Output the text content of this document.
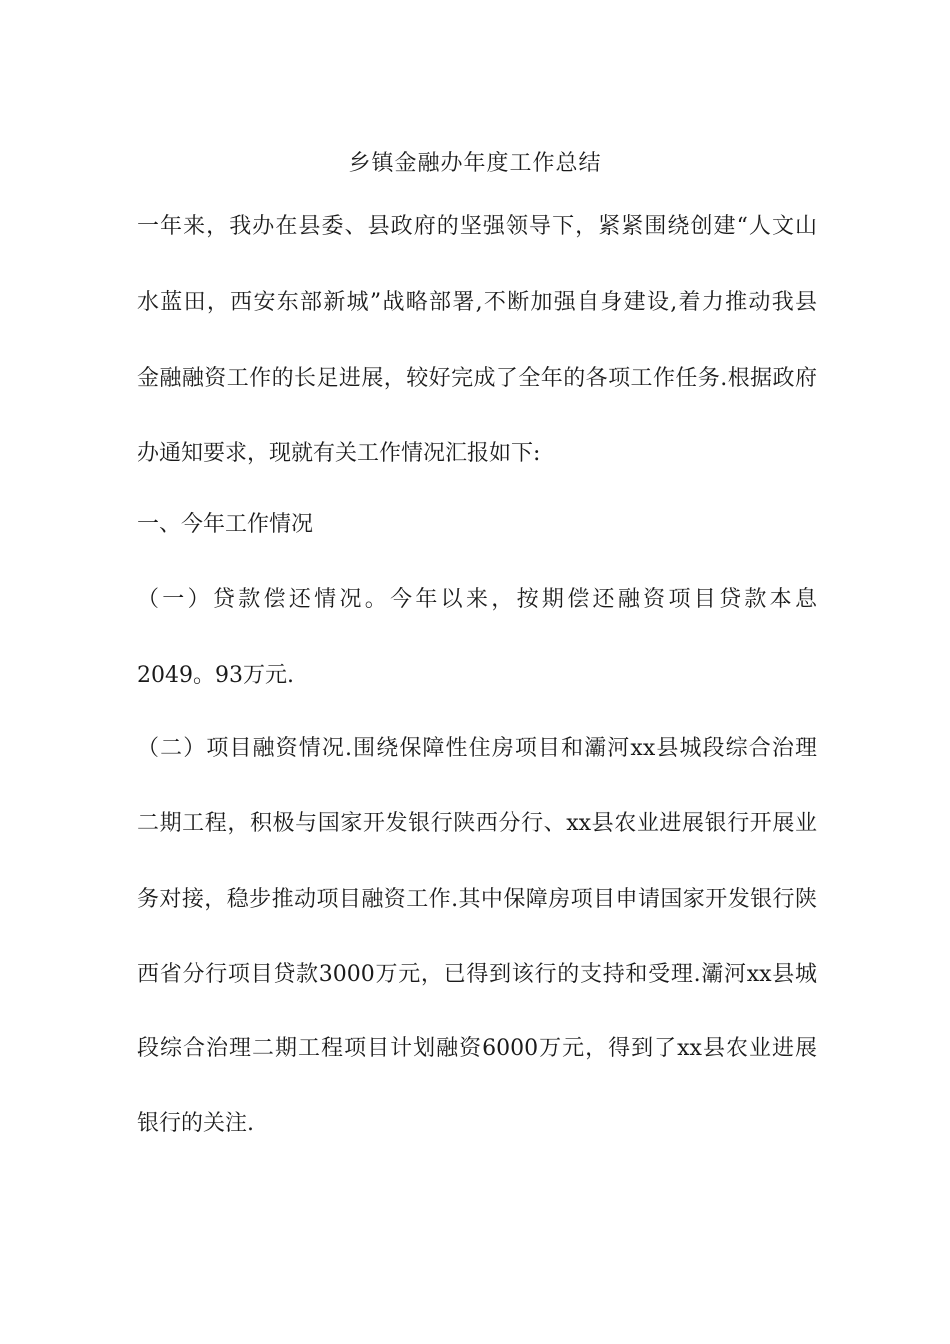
乡镇金融办年度工作总结
一年来，我办在县委、县政府的坚强领导下，紧紧围绕创建“人文山
水蓝田，西安东部新城”战略部署,不断加强自身建设,着力推动我县
金融融资工作的长足进展，较好完成了全年的各项工作任务.根据政府
办通知要求，现就有关工作情况汇报如下:
一、今年工作情况
（一）贷款偿还情况。今年以来，按期偿还融资项目贷款本息
2049。93万元.
（二）项目融资情况.围绕保障性住房项目和灞河xx县城段综合治理
二期工程，积极与国家开发银行陕西分行、xx县农业进展银行开展业
务对接，稳步推动项目融资工作.其中保障房项目申请国家开发银行陕
西省分行项目贷款3000万元，已得到该行的支持和受理.灞河xx县城
段综合治理二期工程项目计划融资6000万元，得到了xx县农业进展
银行的关注.
